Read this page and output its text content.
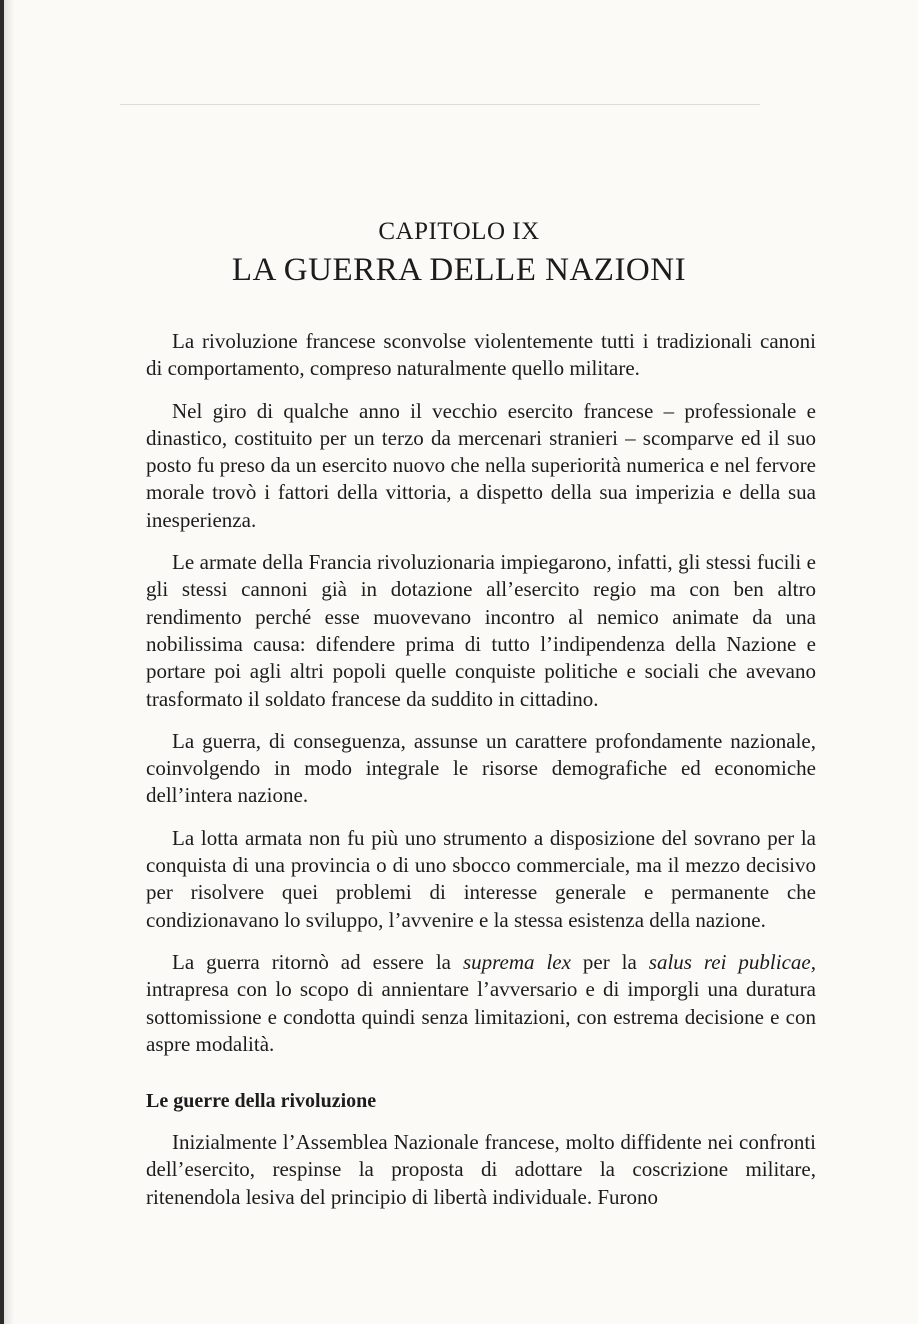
CAPITOLO IX
LA GUERRA DELLE NAZIONI

La rivoluzione francese sconvolse violentemente tutti i tradizionali canoni di comportamento, compreso naturalmente quello militare.

Nel giro di qualche anno il vecchio esercito francese – professionale e dinastico, costituito per un terzo da mercenari stranieri – scomparve ed il suo posto fu preso da un esercito nuovo che nella superiorità numerica e nel fervore morale trovò i fattori della vittoria, a dispetto della sua imperizia e della sua inesperienza.

Le armate della Francia rivoluzionaria impiegarono, infatti, gli stessi fucili e gli stessi cannoni già in dotazione all’esercito regio ma con ben altro rendimento perché esse muovevano incontro al nemico animate da una nobilissima causa: difendere prima di tutto l’indipendenza della Nazione e portare poi agli altri popoli quelle conquiste politiche e sociali che avevano trasformato il soldato francese da suddito in cittadino.

La guerra, di conseguenza, assunse un carattere profondamente nazionale, coinvolgendo in modo integrale le risorse demografiche ed economiche dell’intera nazione.

La lotta armata non fu più uno strumento a disposizione del sovrano per la conquista di una provincia o di uno sbocco commerciale, ma il mezzo decisivo per risolvere quei problemi di interesse generale e permanente che condizionavano lo sviluppo, l’avvenire e la stessa esistenza della nazione.

La guerra ritornò ad essere la suprema lex per la salus rei publicae, intrapresa con lo scopo di annientare l’avversario e di imporgli una duratura sottomissione e condotta quindi senza limitazioni, con estrema decisione e con aspre modalità.

Le guerre della rivoluzione

Inizialmente l’Assemblea Nazionale francese, molto diffidente nei confronti dell’esercito, respinse la proposta di adottare la coscrizione militare, ritenendola lesiva del principio di libertà individuale. Furono
